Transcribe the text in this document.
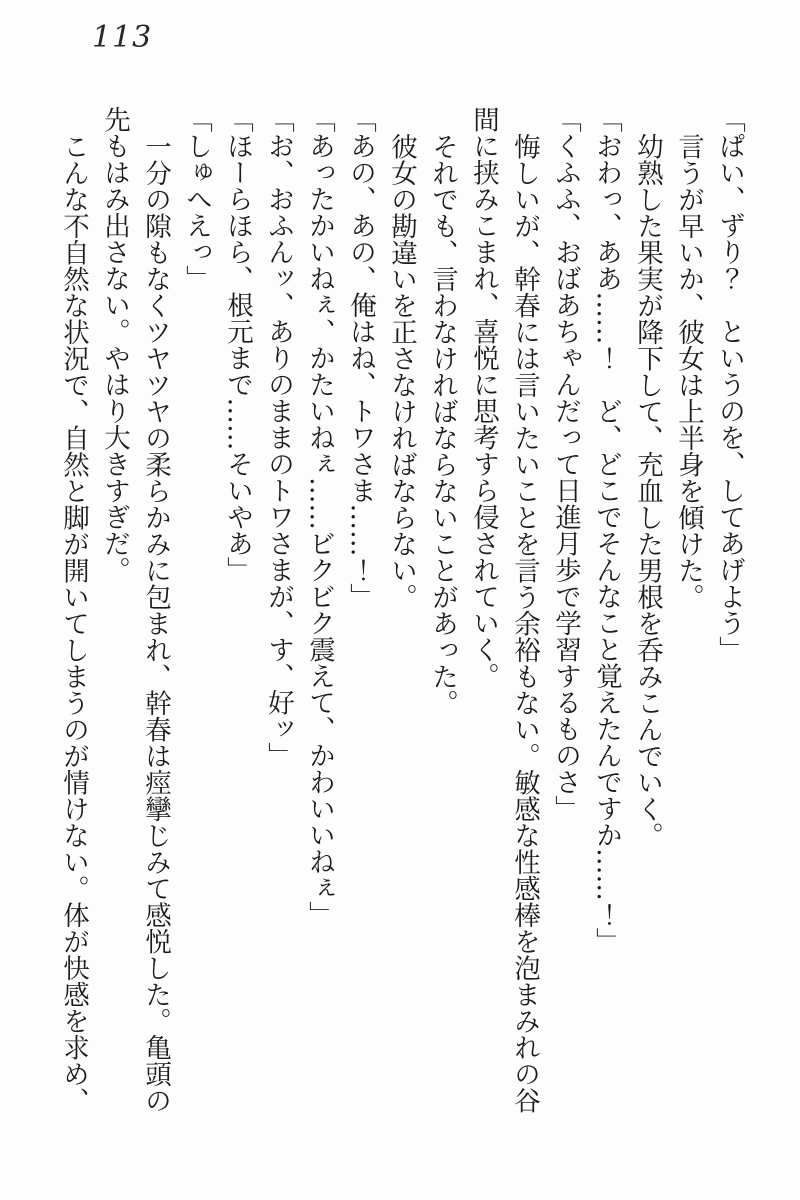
113

「ぱい、ずり？　というのを、してあげよう」

言うが早いか、彼女は上半身を傾けた。

幼熟した果実が降下して、充血した男根を呑みこんでいく。

「おわっ、ああ……！　ど、どこでそんなこと覚えたんですか……！」

「くふふ、おばあちゃんだって日進月歩で学習するものさ」

悔しいが、幹春には言いたいことを言う余裕もない。敏感な性感棒を泡まみれの谷間に挟みこまれ、喜悦に思考すら侵されていく。

それでも、言わなければならないことがあった。

彼女の勘違いを正さなければならない。

「あの、あの、俺はね、トワさま……！」

「あったかいねぇ、かたいねぇ……ビクビク震えて、かわいいねぇ」

「お、おふんッ、ありのままのトワさまが、す、好ッ」

「ほーらほら、根元まで……そいやあ」

「しゅへえっ」

一分の隙もなくツヤツヤの柔らかみに包まれ、幹春は痙攣じみて感悦した。亀頭の先もはみ出さない。やはり大きすぎだ。

こんな不自然な状況で、自然と脚が開いてしまうのが情けない。体が快感を求め、
